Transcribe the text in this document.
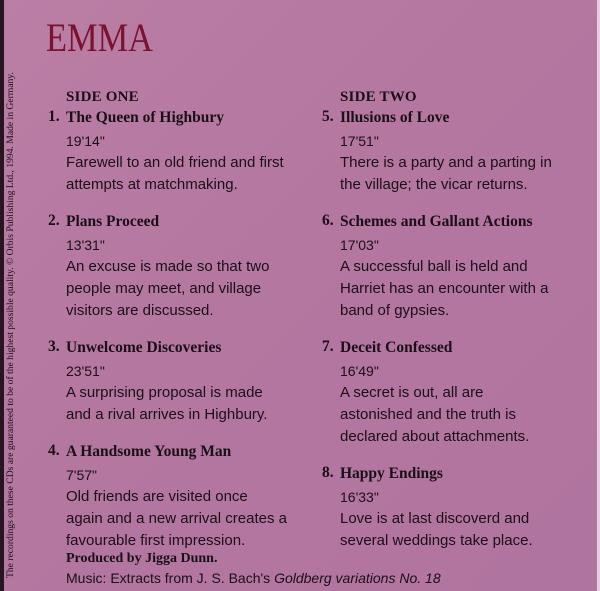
EMMA
The recordings on these CDs are guaranteed to be of the highest possible quality. © Orbis Publishing Ltd., 1994. Made in Germany.	SIDE ONE
1. The Queen of Highbury
19'14"
Farewell to an old friend and first
attempts at matchmaking.
2. Plans Proceed
13'31"
An excuse is made so that two
people may meet, and village
visitors are discussed.
3. Unwelcome Discoveries
23'51"
A surprising proposal is made
and a rival arrives in Highbury.
4. A Handsome Young Man
7'57"
Old friends are visited once
again and a new arrival creates a
favourable first impression.
SIDE TWO
5. Illusions of Love
17'51"
There is a party and a parting in
the village; the vicar returns.
6. Schemes and Gallant Actions
17'03"
A successful ball is held and
Harriet has an encounter with a
band of gypsies.
7. Deceit Confessed
16'49"
A secret is out, all are
astonished and the truth is
declared about attachments.
8. Happy Endings
16'33"
Love is at last discoverd and
several weddings take place.
Produced by Jigga Dunn.
Music: Extracts from J. S. Bach's Goldberg variations No. 18
